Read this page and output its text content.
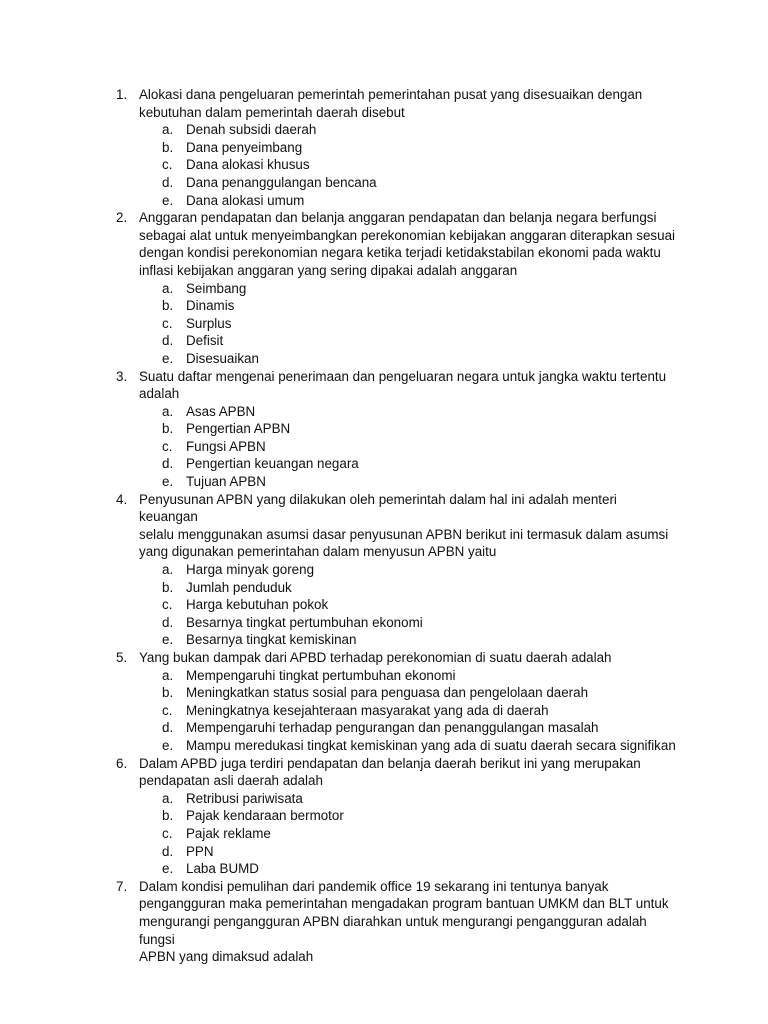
1. Alokasi dana pengeluaran pemerintah pemerintahan pusat yang disesuaikan dengan
kebutuhan dalam pemerintah daerah disebut
a. Denah subsidi daerah
b. Dana penyeimbang
c. Dana alokasi khusus
d. Dana penanggulangan bencana
e. Dana alokasi umum
2. Anggaran pendapatan dan belanja anggaran pendapatan dan belanja negara berfungsi
sebagai alat untuk menyeimbangkan perekonomian kebijakan anggaran diterapkan sesuai
dengan kondisi perekonomian negara ketika terjadi ketidakstabilan ekonomi pada waktu
inflasi kebijakan anggaran yang sering dipakai adalah anggaran
a. Seimbang
b. Dinamis
c. Surplus
d. Defisit
e. Disesuaikan
3. Suatu daftar mengenai penerimaan dan pengeluaran negara untuk jangka waktu tertentu
adalah
a. Asas APBN
b. Pengertian APBN
c. Fungsi APBN
d. Pengertian keuangan negara
e. Tujuan APBN
4. Penyusunan APBN yang dilakukan oleh pemerintah dalam hal ini adalah menteri keuangan
selalu menggunakan asumsi dasar penyusunan APBN berikut ini termasuk dalam asumsi
yang digunakan pemerintahan dalam menyusun APBN yaitu
a. Harga minyak goreng
b. Jumlah penduduk
c. Harga kebutuhan pokok
d. Besarnya tingkat pertumbuhan ekonomi
e. Besarnya tingkat kemiskinan
5. Yang bukan dampak dari APBD terhadap perekonomian di suatu daerah adalah
a. Mempengaruhi tingkat pertumbuhan ekonomi
b. Meningkatkan status sosial para penguasa dan pengelolaan daerah
c. Meningkatnya kesejahteraan masyarakat yang ada di daerah
d. Mempengaruhi terhadap pengurangan dan penanggulangan masalah
e. Mampu meredukasi tingkat kemiskinan yang ada di suatu daerah secara signifikan
6. Dalam APBD juga terdiri pendapatan dan belanja daerah berikut ini yang merupakan
pendapatan asli daerah adalah
a. Retribusi pariwisata
b. Pajak kendaraan bermotor
c. Pajak reklame
d. PPN
e. Laba BUMD
7. Dalam kondisi pemulihan dari pandemik office 19 sekarang ini tentunya banyak
pengangguran maka pemerintahan mengadakan program bantuan UMKM dan BLT untuk
mengurangi pengangguran APBN diarahkan untuk mengurangi pengangguran adalah fungsi
APBN yang dimaksud adalah
